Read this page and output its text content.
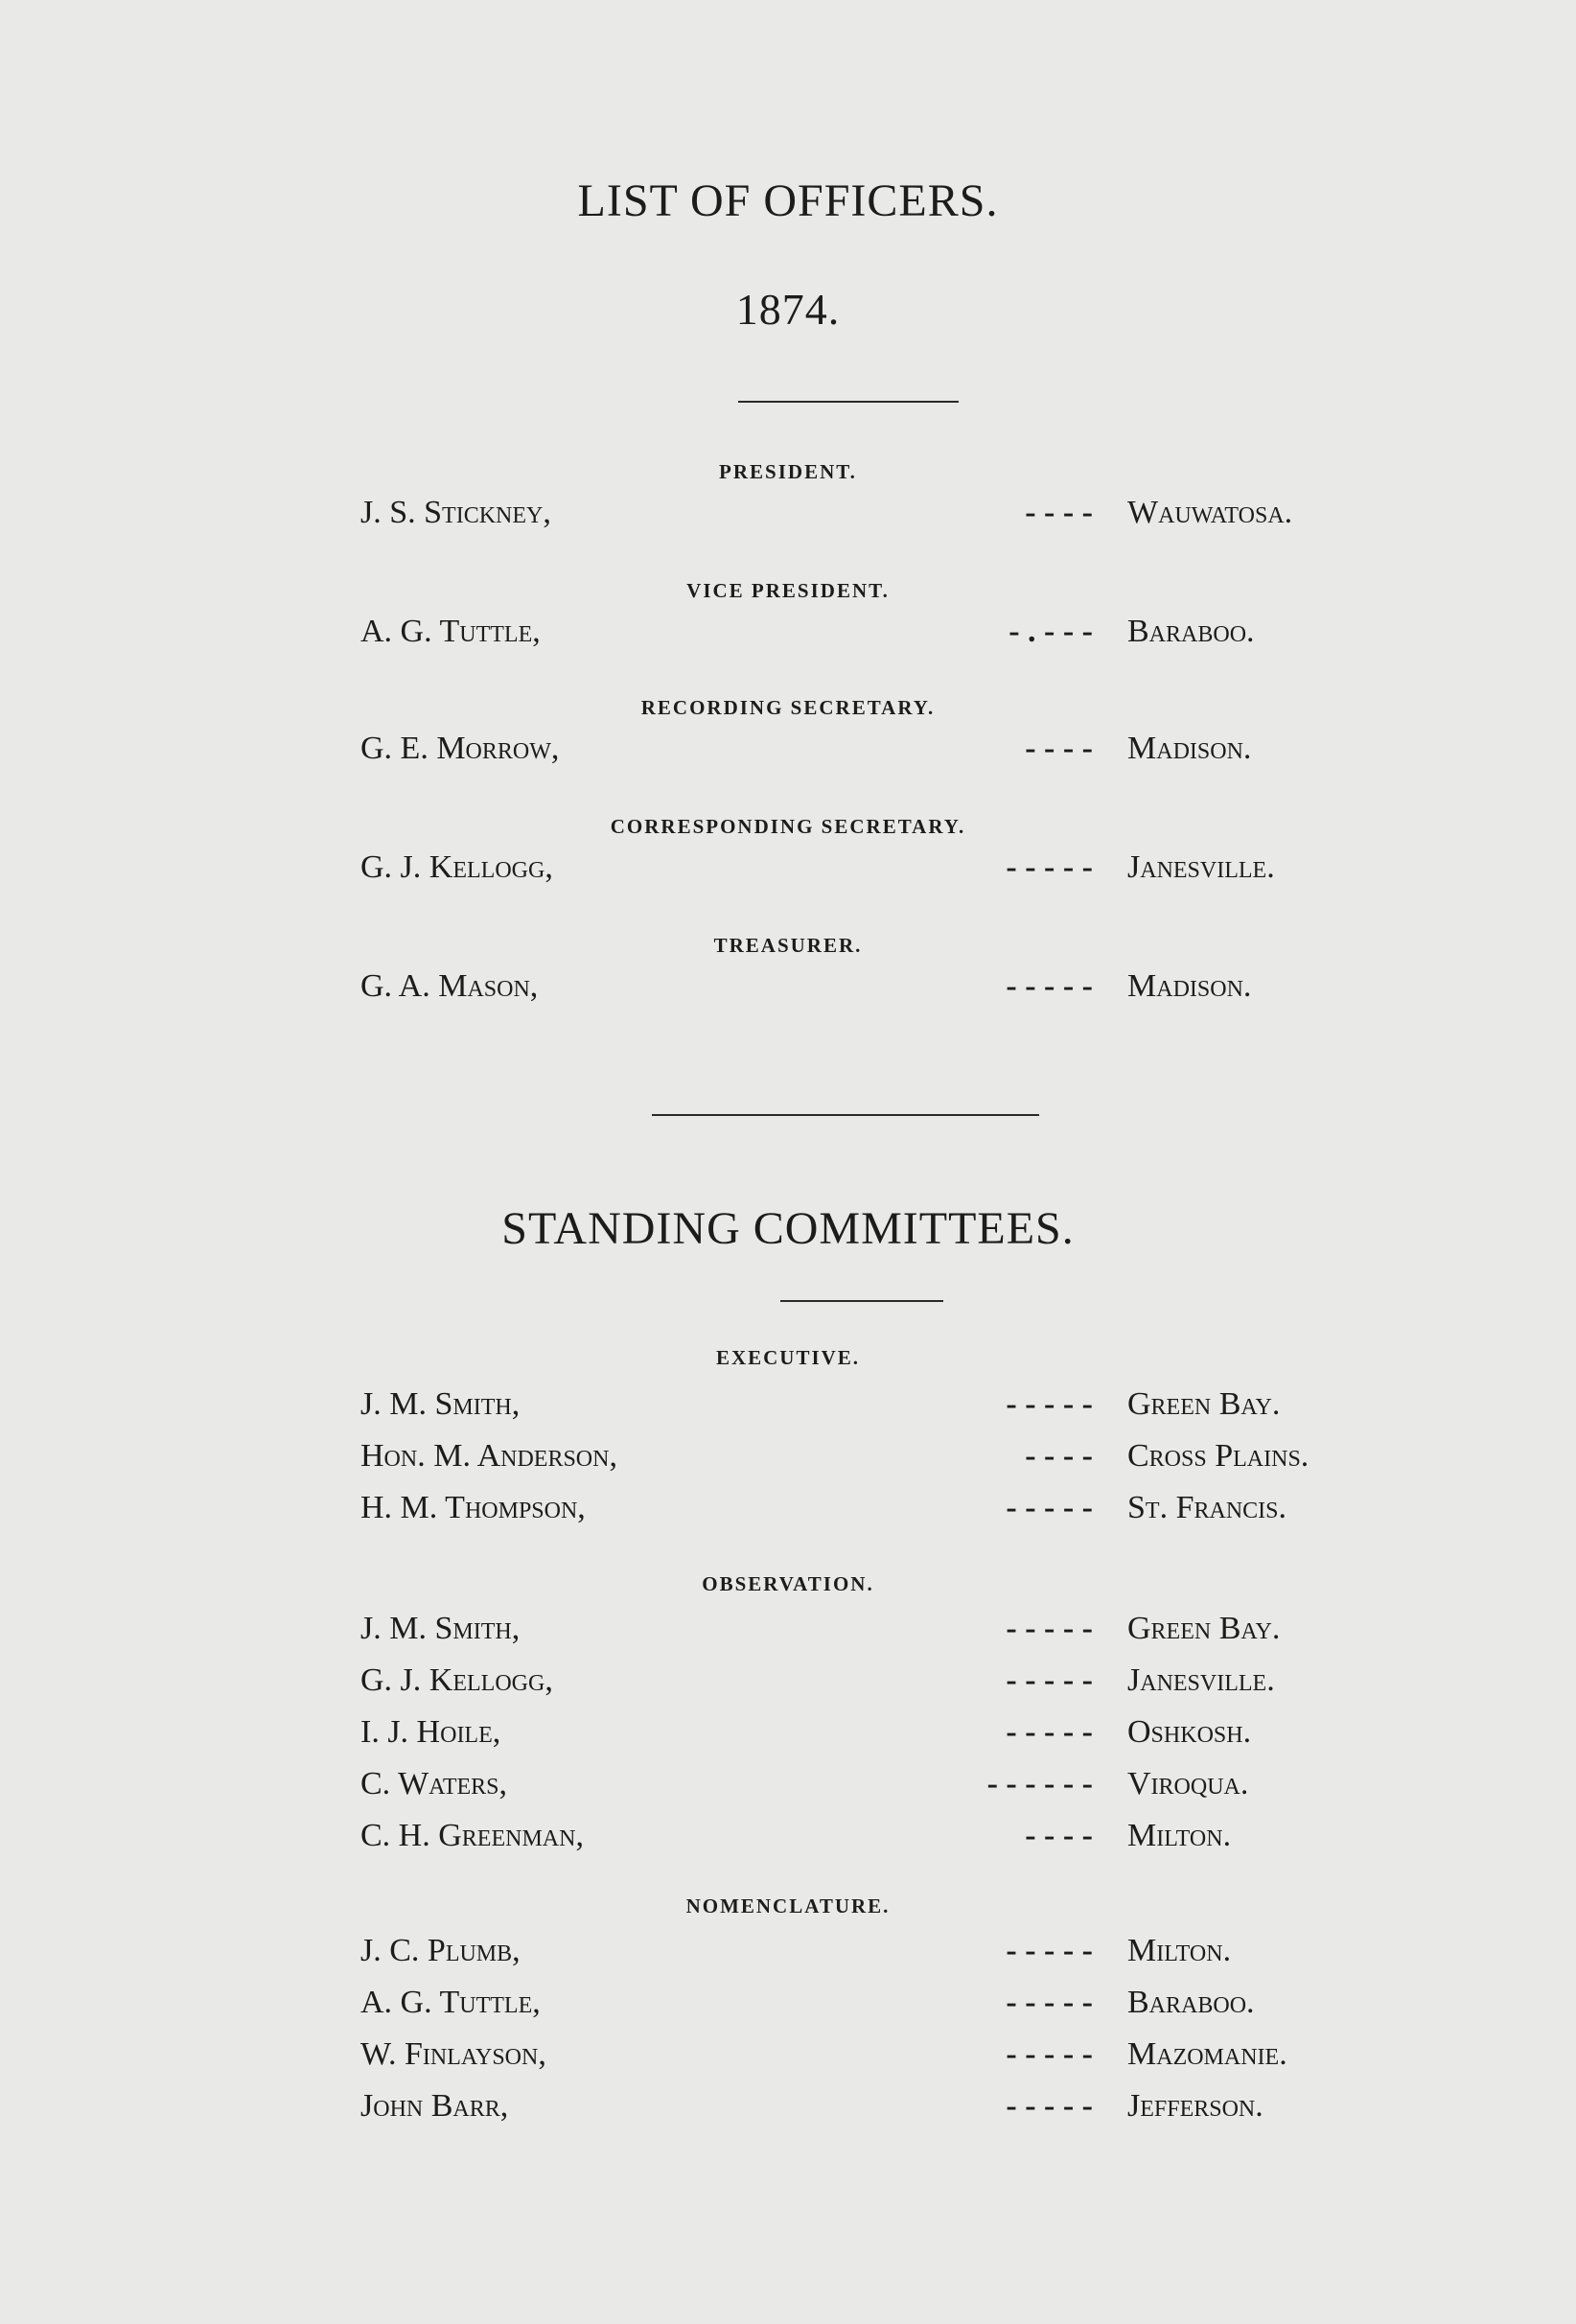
LIST OF OFFICERS.
1874.
PRESIDENT.
J. S. Stickney,	- - - - Wauwatosa.
VICE PRESIDENT.
A. G. Tuttle,	- . - - - Baraboo.
RECORDING SECRETARY.
G. E. Morrow,	- - - - Madison.
CORRESPONDING SECRETARY.
G. J. Kellogg,	- - - - - Janesville.
TREASURER.
G. A. Mason,	- - - - - Madison.
STANDING COMMITTEES.
EXECUTIVE.
J. M. Smith,	- - - - - Green Bay.
Hon. M. Anderson,	- - - - Cross Plains.
H. M. Thompson,	- - - - - St. Francis.
OBSERVATION.
J. M. Smith,	- - - - - Green Bay.
G. J. Kellogg,	- - - - - Janesville.
I. J. Hoile,	- - - - - Oshkosh.
C. Waters,	- - - - - - Viroqua.
C. H. Greenman,	- - - - Milton.
NOMENCLATURE.
J. C. Plumb,	- - - - - Milton.
A. G. Tuttle,	- - - - - Baraboo.
W. Finlayson,	- - - - - Mazomanie.
John Barr,	- - - - - Jefferson.
